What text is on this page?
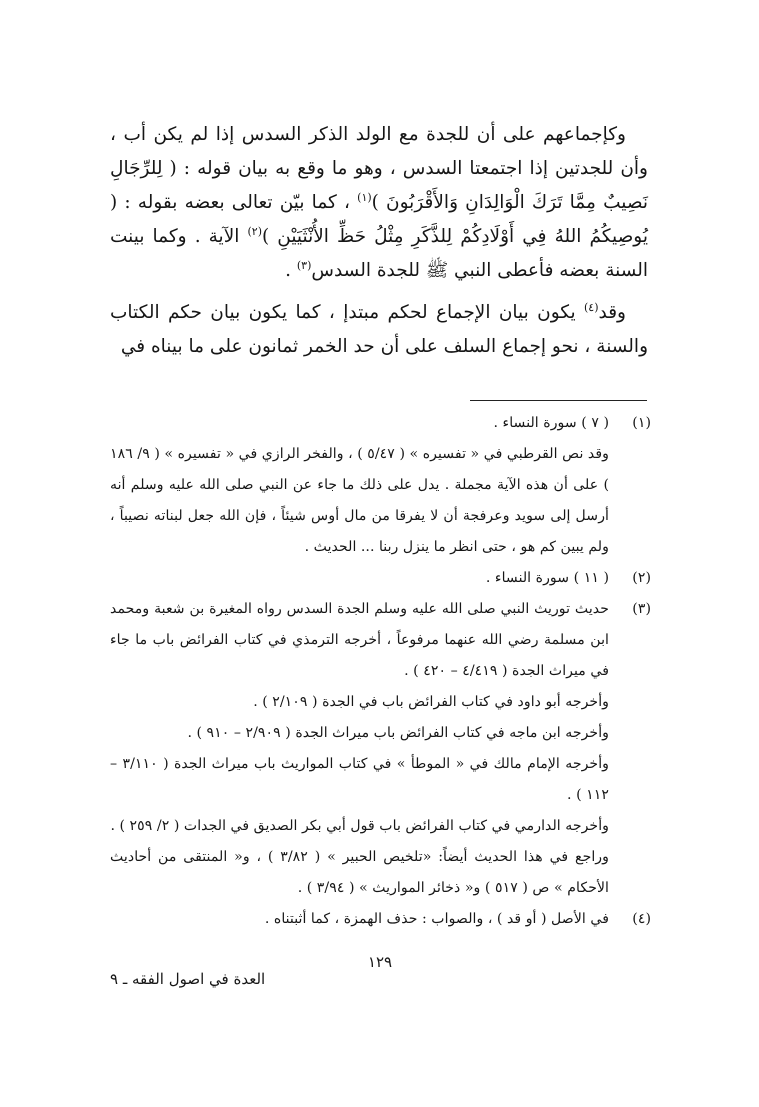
وكإجماعهم على أن للجدة مع الولد الذكر السدس إذا لم يكن أب ، وأن للجدتين إذا اجتمعتا السدس ، وهو ما وقع به بيان قوله : ( لِلرِّجَالِ نَصِيبٌ مِمَّا تَرَكَ الْوَالِدَانِ وَالأَقْرَبُونَ )$^{(١)}$ ، كما بيّن تعالى بعضه بقوله : ( يُوصِيكُمُ اللهُ فِي أَوْلَادِكُمْ لِلذَّكَرِ مِثْلُ حَظِّ الأُنْثَيَيْنِ )$^{(٢)}$ الآية . وكما بينت السنة بعضه فأعطى النبي ﷺ للجدة السدس$^{(٣)}$ .

وقد$^{(٤)}$ يكون بيان الإجماع لحكم مبتدإ ، كما يكون بيان حكم الكتاب والسنة ، نحو إجماع السلف على أن حد الخمر ثمانون على ما بيناه في

(١)
( ٧ ) سورة النساء .
وقد نص القرطبي في « تفسيره » ( ٥/٤٧ ) ، والفخر الرازي في « تفسيره » ( ٩/ ١٨٦ ) على أن هذه الآية مجملة . يدل على ذلك ما جاء عن النبي صلى الله عليه وسلم أنه أرسل إلى سويد وعرفجة أن لا يفرقا من مال أوس شيئاً ، فإن الله جعل لبناته نصيباً ، ولم يبين كم هو ، حتى انظر ما ينزل ربنا ... الحديث .
(٢)
( ١١ ) سورة النساء .
(٣)
حديث توريث النبي صلى الله عليه وسلم الجدة السدس رواه المغيرة بن شعبة ومحمد ابن مسلمة رضي الله عنهما مرفوعاً ، أخرجه الترمذي في كتاب الفرائض باب ما جاء في ميراث الجدة ( ٤/٤١٩ – ٤٢٠ ) .
وأخرجه أبو داود في كتاب الفرائض باب في الجدة ( ٢/١٠٩ ) .
وأخرجه ابن ماجه في كتاب الفرائض باب ميراث الجدة ( ٢/٩٠٩ – ٩١٠ ) .
وأخرجه الإمام مالك في « الموطأ » في كتاب المواريث باب ميراث الجدة ( ٣/١١٠ – ١١٢ ) .
وأخرجه الدارمي في كتاب الفرائض باب قول أبي بكر الصديق في الجدات ( ٢/ ٢٥٩ ) .
وراجع في هذا الحديث أيضاً: «تلخيص الحبير » ( ٣/٨٢ ) ، و« المنتقى من أحاديث الأحكام » ص ( ٥١٧ ) و« ذخائر المواريث » ( ٣/٩٤ ) .
(٤)
في الأصل ( أو قد ) ، والصواب : حذف الهمزة ، كما أثبتناه .
١٢٩
العدة في اصول الفقه ـ ٩
